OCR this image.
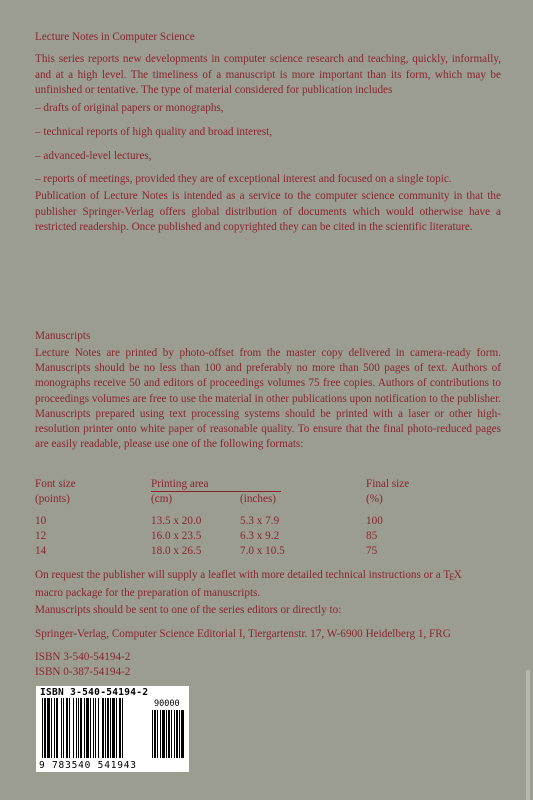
Lecture Notes in Computer Science

This series reports new developments in computer science research and teaching, quickly, informally, and at a high level. The timeliness of a manuscript is more important than its form, which may be unfinished or tentative. The type of material considered for publication includes

– drafts of original papers or monographs,

– technical reports of high quality and broad interest,

– advanced-level lectures,

– reports of meetings, provided they are of exceptional interest and focused on a single topic.

Publication of Lecture Notes is intended as a service to the computer science community in that the publisher Springer-Verlag offers global distribution of documents which would otherwise have a restricted readership. Once published and copyrighted they can be cited in the scientific literature.

Manuscripts

Lecture Notes are printed by photo-offset from the master copy delivered in camera-ready form. Manuscripts should be no less than 100 and preferably no more than 500 pages of text. Authors of monographs receive 50 and editors of proceedings volumes 75 free copies. Authors of contributions to proceedings volumes are free to use the material in other publications upon notification to the publisher. Manuscripts prepared using text processing systems should be printed with a laser or other high-resolution printer onto white paper of reasonable quality. To ensure that the final photo-reduced pages are easily readable, please use one of the following formats:

Font size	Printing area	Final size
(points)	(cm)	(inches)	(%)
10	13.5 x 20.0	5.3 x 7.9	100
12	16.0 x 23.5	6.3 x 9.2	85
14	18.0 x 26.5	7.0 x 10.5	75
On request the publisher will supply a leaflet with more detailed technical instructions or a $T_EX$
macro package for the preparation of manuscripts.

Manuscripts should be sent to one of the series editors or directly to:

Springer-Verlag, Computer Science Editorial I, Tiergartenstr. 17, W-6900 Heidelberg 1, FRG

ISBN 3-540-54194-2

ISBN 0-387-54194-2

ISBN 3-540-54194-2
90000
9 783540 541943
